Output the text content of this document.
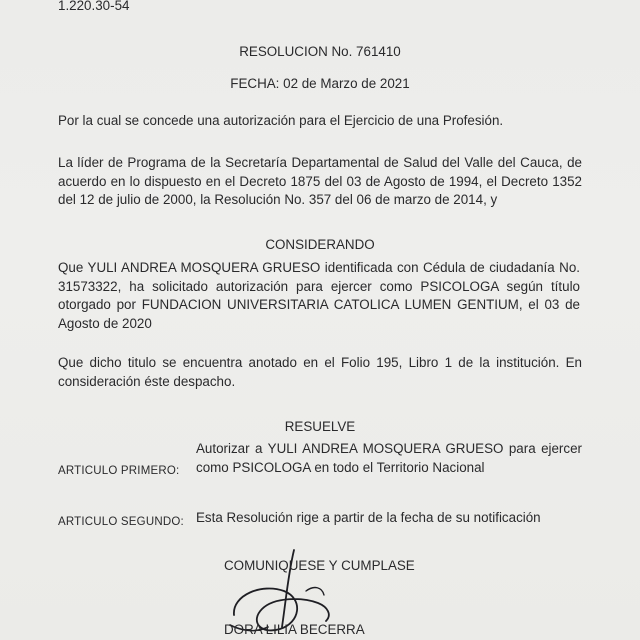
1.220.30-54
RESOLUCION No. 761410
FECHA: 02 de Marzo de 2021
Por la cual se concede una autorización para el Ejercicio de una Profesión.
La líder de Programa de la Secretaría Departamental de Salud del Valle del Cauca, de acuerdo en lo dispuesto en el Decreto 1875 del 03 de Agosto de 1994, el Decreto 1352 del 12 de julio de 2000, la Resolución No. 357 del 06 de marzo de 2014, y
CONSIDERANDO
Que YULI ANDREA MOSQUERA GRUESO identificada con Cédula de ciudadanía No. 31573322, ha solicitado autorización para ejercer como PSICOLOGA según título otorgado por FUNDACION UNIVERSITARIA CATOLICA LUMEN GENTIUM, el 03 de Agosto de 2020
Que dicho titulo se encuentra anotado en el Folio 195, Libro 1 de la institución. En consideración éste despacho.
RESUELVE
Autorizar a YULI ANDREA MOSQUERA GRUESO para ejercer como PSICOLOGA en todo el Territorio Nacional
ARTICULO PRIMERO:
ARTICULO SEGUNDO: Esta Resolución rige a partir de la fecha de su notificación
COMUNIQUESE Y CUMPLASE
DORA LILIA BECERRA
